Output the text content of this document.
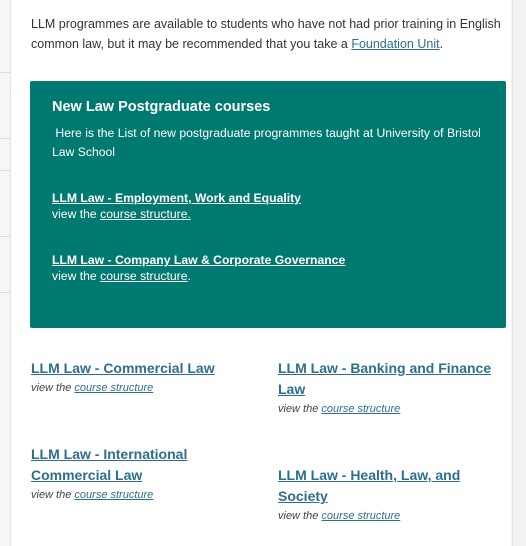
LLM programmes are available to students who have not had prior training in English common law, but it may be recommended that you take a Foundation Unit.
New Law Postgraduate courses
Here is the List of new postgraduate programmes taught at University of Bristol Law School
LLM Law - Employment, Work and Equality
view the course structure.
LLM Law - Company Law & Corporate Governance
view the course structure.
LLM Law - Commercial Law
view the course structure
LLM Law - Banking and Finance
Law
view the course structure
LLM Law - International
Commercial Law
view the course structure
LLM Law - Health, Law, and
Society
view the course structure
